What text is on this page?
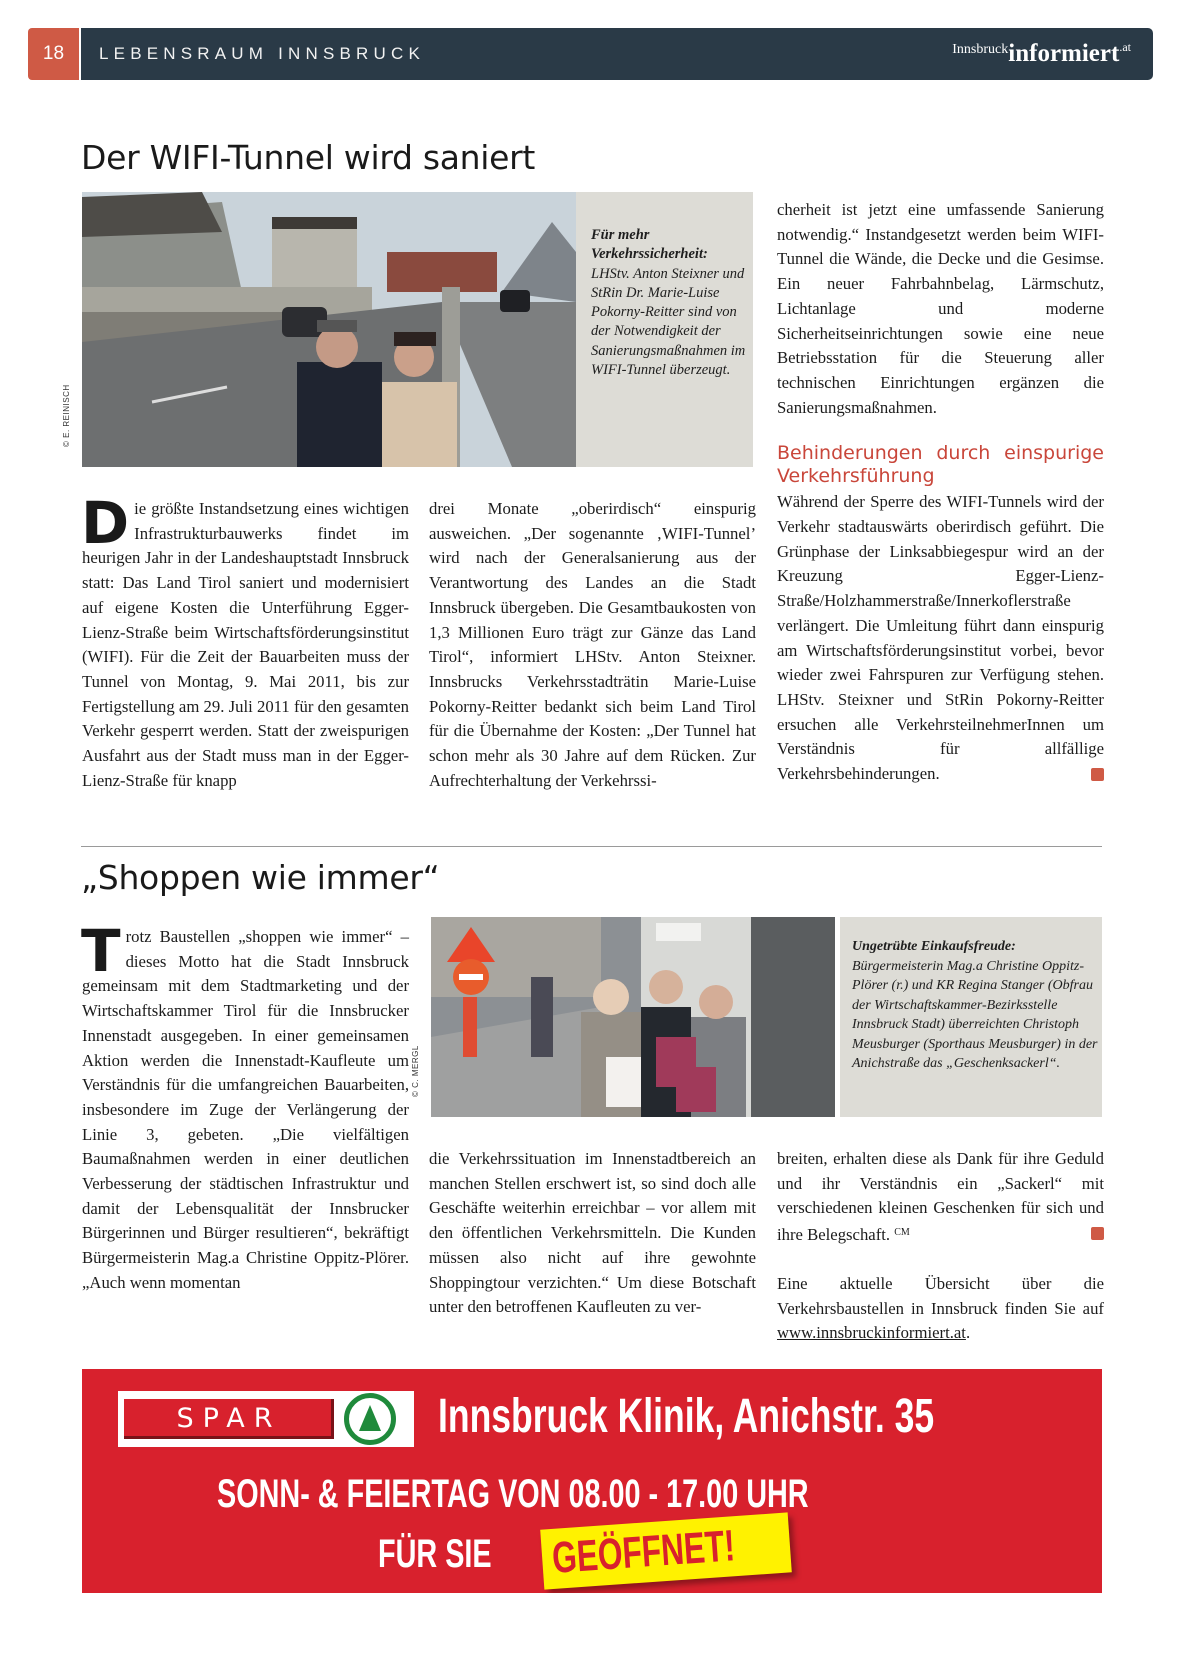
18	LEBENSRAUM INNSBRUCK	Innsbruckinformiert$^{.at}$
Der WIFI-Tunnel wird saniert
© E. REINISCH
Für mehr Verkehrssicherheit: LHStv. Anton Steixner und StRin Dr. Marie-Luise Pokorny-Reitter sind von der Notwendigkeit der Sanierungsmaßnahmen im WIFI-Tunnel überzeugt.
D ie größte Instandsetzung eines wichtigen Infrastrukturbauwerks findet im heurigen Jahr in der Landeshauptstadt Innsbruck statt: Das Land Tirol saniert und modernisiert auf eigene Kosten die Unterführung Egger-Lienz-Straße beim Wirtschaftsförderungsinstitut (WIFI). Für die Zeit der Bauarbeiten muss der Tunnel von Montag, 9. Mai 2011, bis zur Fertigstellung am 29. Juli 2011 für den gesamten Verkehr gesperrt werden. Statt der zweispurigen Ausfahrt aus der Stadt muss man in der Egger-Lienz-Straße für knapp
drei Monate „oberirdisch“ einspurig ausweichen. „Der sogenannte ‚WIFI-Tunnel’ wird nach der Generalsanierung aus der Verantwortung des Landes an die Stadt Innsbruck übergeben. Die Gesamtbaukosten von 1,3 Millionen Euro trägt zur Gänze das Land Tirol“, informiert LHStv. Anton Steixner. Innsbrucks Verkehrsstadträtin Marie-Luise Pokorny-Reitter bedankt sich beim Land Tirol für die Übernahme der Kosten: „Der Tunnel hat schon mehr als 30 Jahre auf dem Rücken. Zur Aufrechterhaltung der Verkehrssi-

cherheit ist jetzt eine umfassende Sanierung notwendig.“ Instandgesetzt werden beim WIFI-Tunnel die Wände, die Decke und die Gesimse. Ein neuer Fahrbahnbelag, Lärmschutz, Lichtanlage und moderne Sicherheitseinrichtungen sowie eine neue Betriebsstation für die Steuerung aller technischen Einrichtungen ergänzen die Sanierungsmaßnahmen.

Behinderungen durch einspurige Verkehrsführung

Während der Sperre des WIFI-Tunnels wird der Verkehr stadtauswärts oberirdisch geführt. Die Grünphase der Linksabbiegespur wird an der Kreuzung Egger-Lienz-Straße/Holzhammerstraße/Innerkoflerstraße verlängert. Die Umleitung führt dann einspurig am Wirtschaftsförderungsinstitut vorbei, bevor wieder zwei Fahrspuren zur Verfügung stehen. LHStv. Steixner und StRin Pokorny-Reitter ersuchen alle VerkehrsteilnehmerInnen um Verständnis für allfällige Verkehrsbehinderungen.

„Shoppen wie immer“
T rotz Baustellen „shoppen wie immer“ – dieses Motto hat die Stadt Innsbruck gemeinsam mit dem Stadtmarketing und der Wirtschaftskammer Tirol für die Innsbrucker Innenstadt ausgegeben. In einer gemeinsamen Aktion werden die Innenstadt-Kaufleute um Verständnis für die umfangreichen Bauarbeiten, insbesondere im Zuge der Verlängerung der Linie 3, gebeten. „Die vielfältigen Baumaßnahmen werden in einer deutlichen Verbesserung der städtischen Infrastruktur und damit der Lebensqualität der Innsbrucker Bürgerinnen und Bürger resultieren“, bekräftigt Bürgermeisterin Mag.a Christine Oppitz-Plörer. „Auch wenn momentan
© C. MERGL
Ungetrübte Einkaufsfreude: Bürgermeisterin Mag.a Christine Oppitz-Plörer (r.) und KR Regina Stanger (Obfrau der Wirtschaftskammer-Bezirksstelle Innsbruck Stadt) überreichten Christoph Meusburger (Sporthaus Meusburger) in der Anichstraße das „Geschenksackerl“.
die Verkehrssituation im Innenstadtbereich an manchen Stellen erschwert ist, so sind doch alle Geschäfte weiterhin erreichbar – vor allem mit den öffentlichen Verkehrsmitteln. Die Kunden müssen also nicht auf ihre gewohnte Shoppingtour verzichten.“ Um diese Botschaft unter den betroffenen Kaufleuten zu ver-

breiten, erhalten diese als Dank für ihre Geduld und ihr Verständnis ein „Sackerl“ mit verschiedenen kleinen Geschenken für sich und ihre Belegschaft. $^{CM}$

Eine aktuelle Übersicht über die Verkehrsbaustellen in Innsbruck finden Sie auf www.innsbruckinformiert.at.

SPAR	Innsbruck Klinik, Anichstr. 35
SONN- & FEIERTAG VON 08.00 - 17.00 UHR
FÜR SIE GEÖFFNET!
